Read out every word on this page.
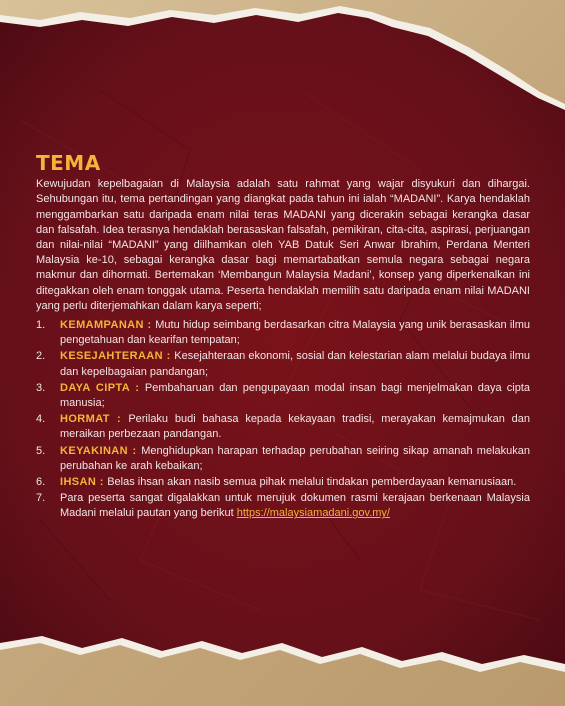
TEMA

Kewujudan kepelbagaian di Malaysia adalah satu rahmat yang wajar disyukuri dan dihargai. Sehubungan itu, tema pertandingan yang diangkat pada tahun ini ialah “MADANI”. Karya hendaklah menggambarkan satu daripada enam nilai teras MADANI yang dicerakin sebagai kerangka dasar dan falsafah. Idea terasnya hendaklah berasaskan falsafah, pemikiran, cita-cita, aspirasi, perjuangan dan nilai-nilai “MADANI” yang diilhamkan oleh YAB Datuk Seri Anwar Ibrahim, Perdana Menteri Malaysia ke-10, sebagai kerangka dasar bagi memartabatkan semula negara sebagai negara makmur dan dihormati. Bertemakan ‘Membangun Malaysia Madani’, konsep yang diperkenalkan ini ditegakkan oleh enam tonggak utama. Peserta hendaklah memilih satu daripada enam nilai MADANI yang perlu diterjemahkan dalam karya seperti;

1.	KEMAMPANAN : Mutu hidup seimbang berdasarkan citra Malaysia yang unik berasaskan ilmu pengetahuan dan kearifan tempatan;
2.	KESEJAHTERAAN : Kesejahteraan ekonomi, sosial dan kelestarian alam melalui budaya ilmu dan kepelbagaian pandangan;
3.	DAYA CIPTA : Pembaharuan dan pengupayaan modal insan bagi menjelmakan daya cipta manusia;
4.	HORMAT : Perilaku budi bahasa kepada kekayaan tradisi, merayakan kemajmukan dan meraikan perbezaan pandangan.
5.	KEYAKINAN : Menghidupkan harapan terhadap perubahan seiring sikap amanah melakukan perubahan ke arah kebaikan;
6.	IHSAN : Belas ihsan akan nasib semua pihak melalui tindakan pemberdayaan kemanusiaan.
7.	Para peserta sangat digalakkan untuk merujuk dokumen rasmi kerajaan berkenaan Malaysia Madani melalui pautan yang berikut https://malaysiamadani.gov.my/
